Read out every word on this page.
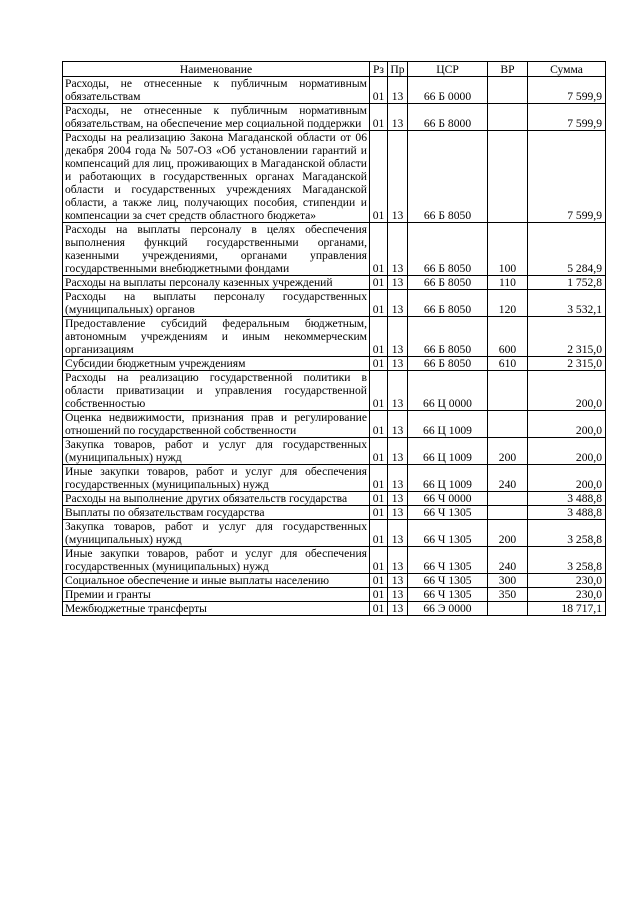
Наименование	Рз	Пр	ЦСР	ВР	Сумма
Расходы, не отнесенные к публичным нормативным обязательствам	01	13	66 Б 0000		7 599,9
Расходы, не отнесенные к публичным нормативным обязательствам, на обеспечение мер социальной поддержки	01	13	66 Б 8000		7 599,9
Расходы на реализацию Закона Магаданской области от 06 декабря 2004 года № 507-ОЗ «Об установлении гарантий и компенсаций для лиц, проживающих в Магаданской области и работающих в государственных органах Магаданской области и государственных учреждениях Магаданской области, а также лиц, получающих пособия, стипендии и компенсации за счет средств областного бюджета»	01	13	66 Б 8050		7 599,9
Расходы на выплаты персоналу в целях обеспечения выполнения функций государственными органами, казенными учреждениями, органами управления государственными внебюджетными фондами	01	13	66 Б 8050	100	5 284,9
Расходы на выплаты персоналу казенных учреждений	01	13	66 Б 8050	110	1 752,8
Расходы на выплаты персоналу государственных (муниципальных) органов	01	13	66 Б 8050	120	3 532,1
Предоставление субсидий федеральным бюджетным, автономным учреждениям и иным некоммерческим организациям	01	13	66 Б 8050	600	2 315,0
Субсидии бюджетным учреждениям	01	13	66 Б 8050	610	2 315,0
Расходы на реализацию государственной политики в области приватизации и управления государственной собственностью	01	13	66 Ц 0000		200,0
Оценка недвижимости, признания прав и регулирование отношений по государственной собственности	01	13	66 Ц 1009		200,0
Закупка товаров, работ и услуг для государственных (муниципальных) нужд	01	13	66 Ц 1009	200	200,0
Иные закупки товаров, работ и услуг для обеспечения государственных (муниципальных) нужд	01	13	66 Ц 1009	240	200,0
Расходы на выполнение других обязательств государства	01	13	66 Ч 0000		3 488,8
Выплаты по обязательствам государства	01	13	66 Ч 1305		3 488,8
Закупка товаров, работ и услуг для государственных (муниципальных) нужд	01	13	66 Ч 1305	200	3 258,8
Иные закупки товаров, работ и услуг для обеспечения государственных (муниципальных) нужд	01	13	66 Ч 1305	240	3 258,8
Социальное обеспечение и иные выплаты населению	01	13	66 Ч 1305	300	230,0
Премии и гранты	01	13	66 Ч 1305	350	230,0
Межбюджетные трансферты	01	13	66 Э 0000		18 717,1
